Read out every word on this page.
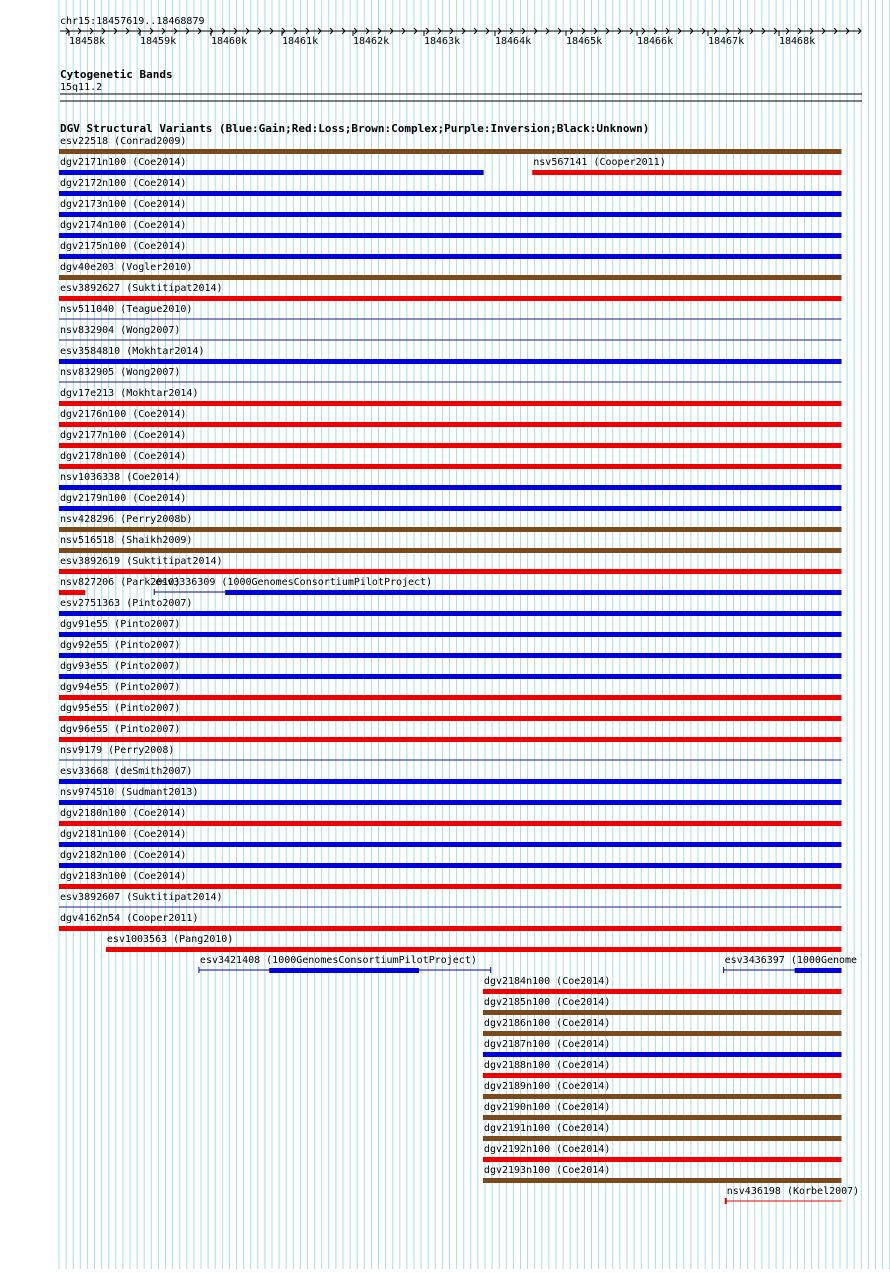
chr15:18457619..18468879
18458k	18459k	18460k	18461k	18462k	18463k	18464k	18465k	18466k	18467k	18468k
Cytogenetic Bands
15q11.2
DGV Structural Variants (Blue:Gain;Red:Loss;Brown:Complex;Purple:Inversion;Black:Unknown)
esv22518 (Conrad2009)
dgv2171n100 (Coe2014)	nsv567141 (Cooper2011)
dgv2172n100 (Coe2014)
dgv2173n100 (Coe2014)
dgv2174n100 (Coe2014)
dgv2175n100 (Coe2014)
dgv40e203 (Vogler2010)
esv3892627 (Suktitipat2014)
nsv511040 (Teague2010)
nsv832904 (Wong2007)
esv3584810 (Mokhtar2014)
nsv832905 (Wong2007)
dgv17e213 (Mokhtar2014)
dgv2176n100 (Coe2014)
dgv2177n100 (Coe2014)
dgv2178n100 (Coe2014)
nsv1036338 (Coe2014)
dgv2179n100 (Coe2014)
nsv428296 (Perry2008b)
nsv516518 (Shaikh2009)
esv3892619 (Suktitipat2014)
nsv827206 (Park2010)
esv3336309 (1000GenomesConsortiumPilotProject)
esv2751363 (Pinto2007)
dgv91e55 (Pinto2007)
dgv92e55 (Pinto2007)
dgv93e55 (Pinto2007)
dgv94e55 (Pinto2007)
dgv95e55 (Pinto2007)
dgv96e55 (Pinto2007)
nsv9179 (Perry2008)
esv33668 (deSmith2007)
nsv974510 (Sudmant2013)
dgv2180n100 (Coe2014)
dgv2181n100 (Coe2014)
dgv2182n100 (Coe2014)
dgv2183n100 (Coe2014)
esv3892607 (Suktitipat2014)
dgv4162n54 (Cooper2011)
esv1003563 (Pang2010)
esv3421408 (1000GenomesConsortiumPilotProject)	esv3436397 (1000Genome
dgv2184n100 (Coe2014)
dgv2185n100 (Coe2014)
dgv2186n100 (Coe2014)
dgv2187n100 (Coe2014)
dgv2188n100 (Coe2014)
dgv2189n100 (Coe2014)
dgv2190n100 (Coe2014)
dgv2191n100 (Coe2014)
dgv2192n100 (Coe2014)
dgv2193n100 (Coe2014)
nsv436198 (Korbel2007)
